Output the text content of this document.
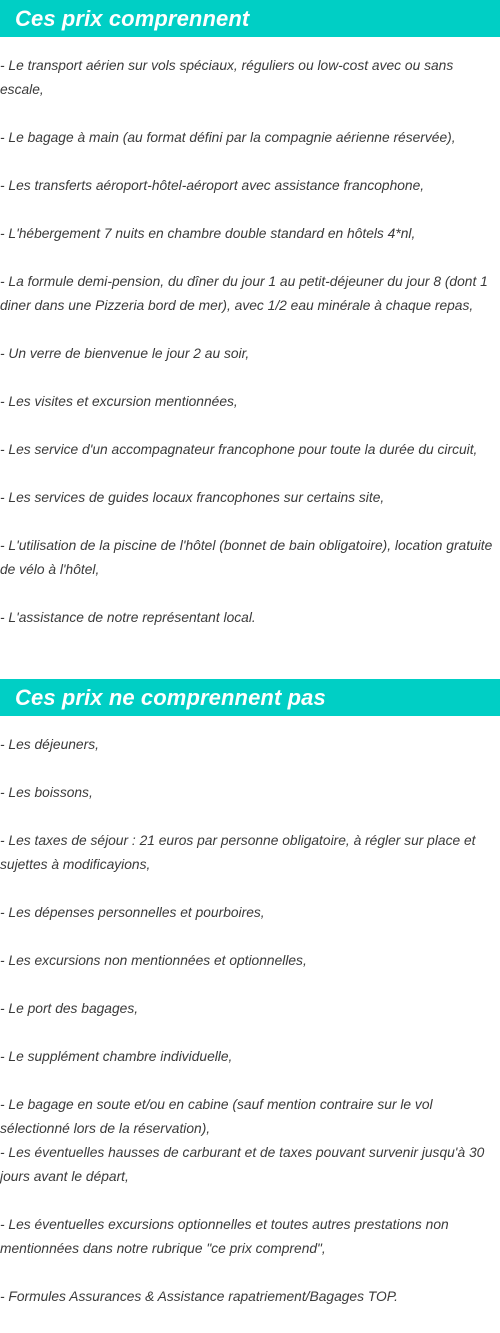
Ces prix comprennent
- Le transport aérien sur vols spéciaux, réguliers ou low-cost avec ou sans escale,
- Le bagage à main (au format défini par la compagnie aérienne réservée),
- Les transferts aéroport-hôtel-aéroport avec assistance francophone,
- L'hébergement 7 nuits en chambre double standard en hôtels 4*nl,
- La formule demi-pension, du dîner du jour 1 au petit-déjeuner du jour 8 (dont 1 diner dans une Pizzeria bord de mer), avec 1/2 eau minérale à chaque repas,
- Un verre de bienvenue le jour 2 au soir,
- Les visites et excursion mentionnées,
- Les service d'un accompagnateur francophone pour toute la durée du circuit,
- Les services de guides locaux francophones sur certains site,
- L'utilisation de la piscine de l'hôtel (bonnet de bain obligatoire), location gratuite de vélo à l'hôtel,
- L'assistance de notre représentant local.
Ces prix ne comprennent pas
- Les déjeuners,
- Les boissons,
- Les taxes de séjour : 21 euros par personne obligatoire, à régler sur place et sujettes à modificayions,
- Les dépenses personnelles et pourboires,
- Les excursions non mentionnées et optionnelles,
- Le port des bagages,
- Le supplément chambre individuelle,
- Le bagage en soute et/ou en cabine (sauf mention contraire sur le vol sélectionné lors de la réservation),
- Les éventuelles hausses de carburant et de taxes pouvant survenir jusqu'à 30 jours avant le départ,
- Les éventuelles excursions optionnelles et toutes autres prestations non mentionnées dans notre rubrique "ce prix comprend",
- Formules Assurances & Assistance rapatriement/Bagages TOP.
